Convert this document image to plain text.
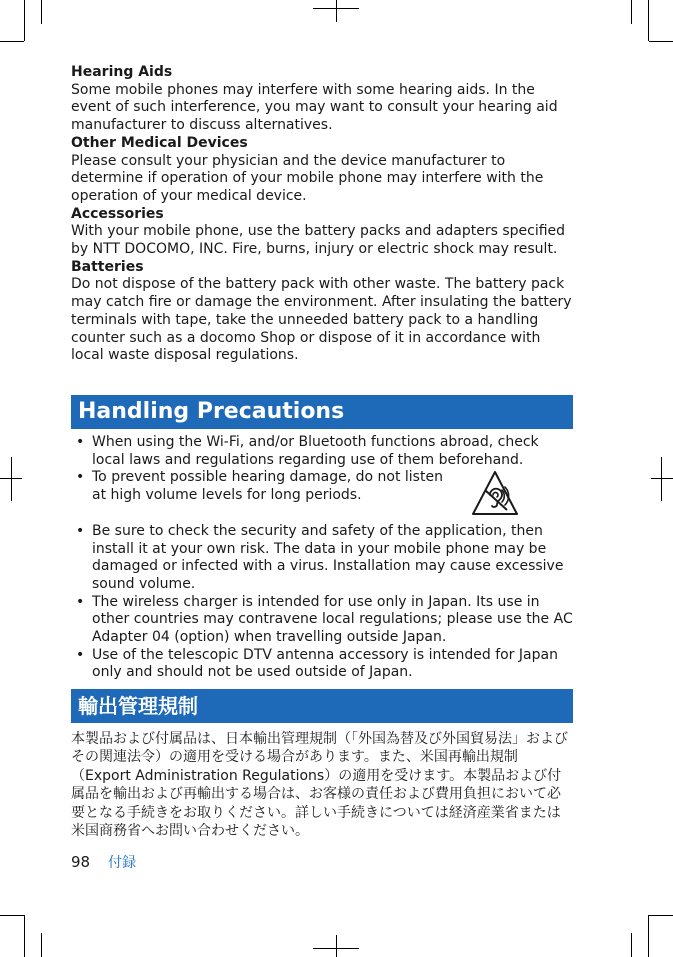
Hearing Aids

Some mobile phones may interfere with some hearing aids. In the event of such interference, you may want to consult your hearing aid manufacturer to discuss alternatives.

Other Medical Devices

Please consult your physician and the device manufacturer to determine if operation of your mobile phone may interfere with the operation of your medical device.

Accessories

With your mobile phone, use the battery packs and adapters specified by NTT DOCOMO, INC. Fire, burns, injury or electric shock may result.

Batteries

Do not dispose of the battery pack with other waste. The battery pack may catch fire or damage the environment. After insulating the battery terminals with tape, take the unneeded battery pack to a handling counter such as a docomo Shop or dispose of it in accordance with local waste disposal regulations.

Handling Precautions
• When using the Wi-Fi, and/or Bluetooth functions abroad, check local laws and regulations regarding use of them beforehand.
• To prevent possible hearing damage, do not listen at high volume levels for long periods.
• Be sure to check the security and safety of the application, then install it at your own risk. The data in your mobile phone may be damaged or infected with a virus. Installation may cause excessive sound volume.
• The wireless charger is intended for use only in Japan. Its use in other countries may contravene local regulations; please use the AC Adapter 04 (option) when travelling outside Japan.
• Use of the telescopic DTV antenna accessory is intended for Japan only and should not be used outside of Japan.
輸出管理規制

本製品および付属品は、日本輸出管理規制（「外国為替及び外国貿易法」およびその関連法令）の適用を受ける場合があります。また、米国再輸出規制（Export Administration Regulations）の適用を受けます。本製品および付属品を輸出および再輸出する場合は、お客様の責任および費用負担において必要となる手続きをお取りください。詳しい手続きについては経済産業省または米国商務省へお問い合わせください。

98 付録
